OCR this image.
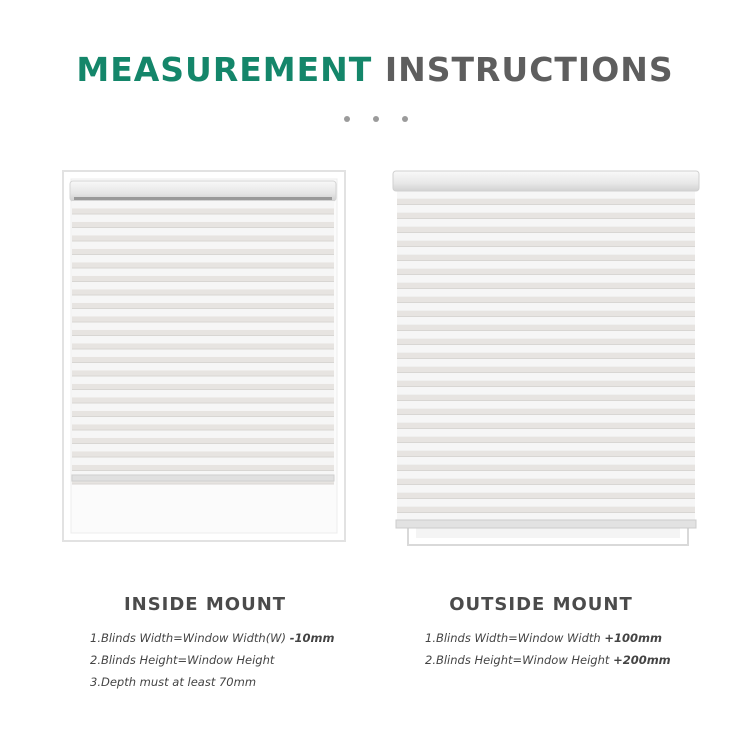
MEASUREMENT INSTRUCTIONS
INSIDE MOUNT	OUTSIDE MOUNT
1.Blinds Width=Window Width(W) -10mm
2.Blinds Height=Window Height
3.Depth must at least 70mm
1.Blinds Width=Window Width +100mm
2.Blinds Height=Window Height +200mm
